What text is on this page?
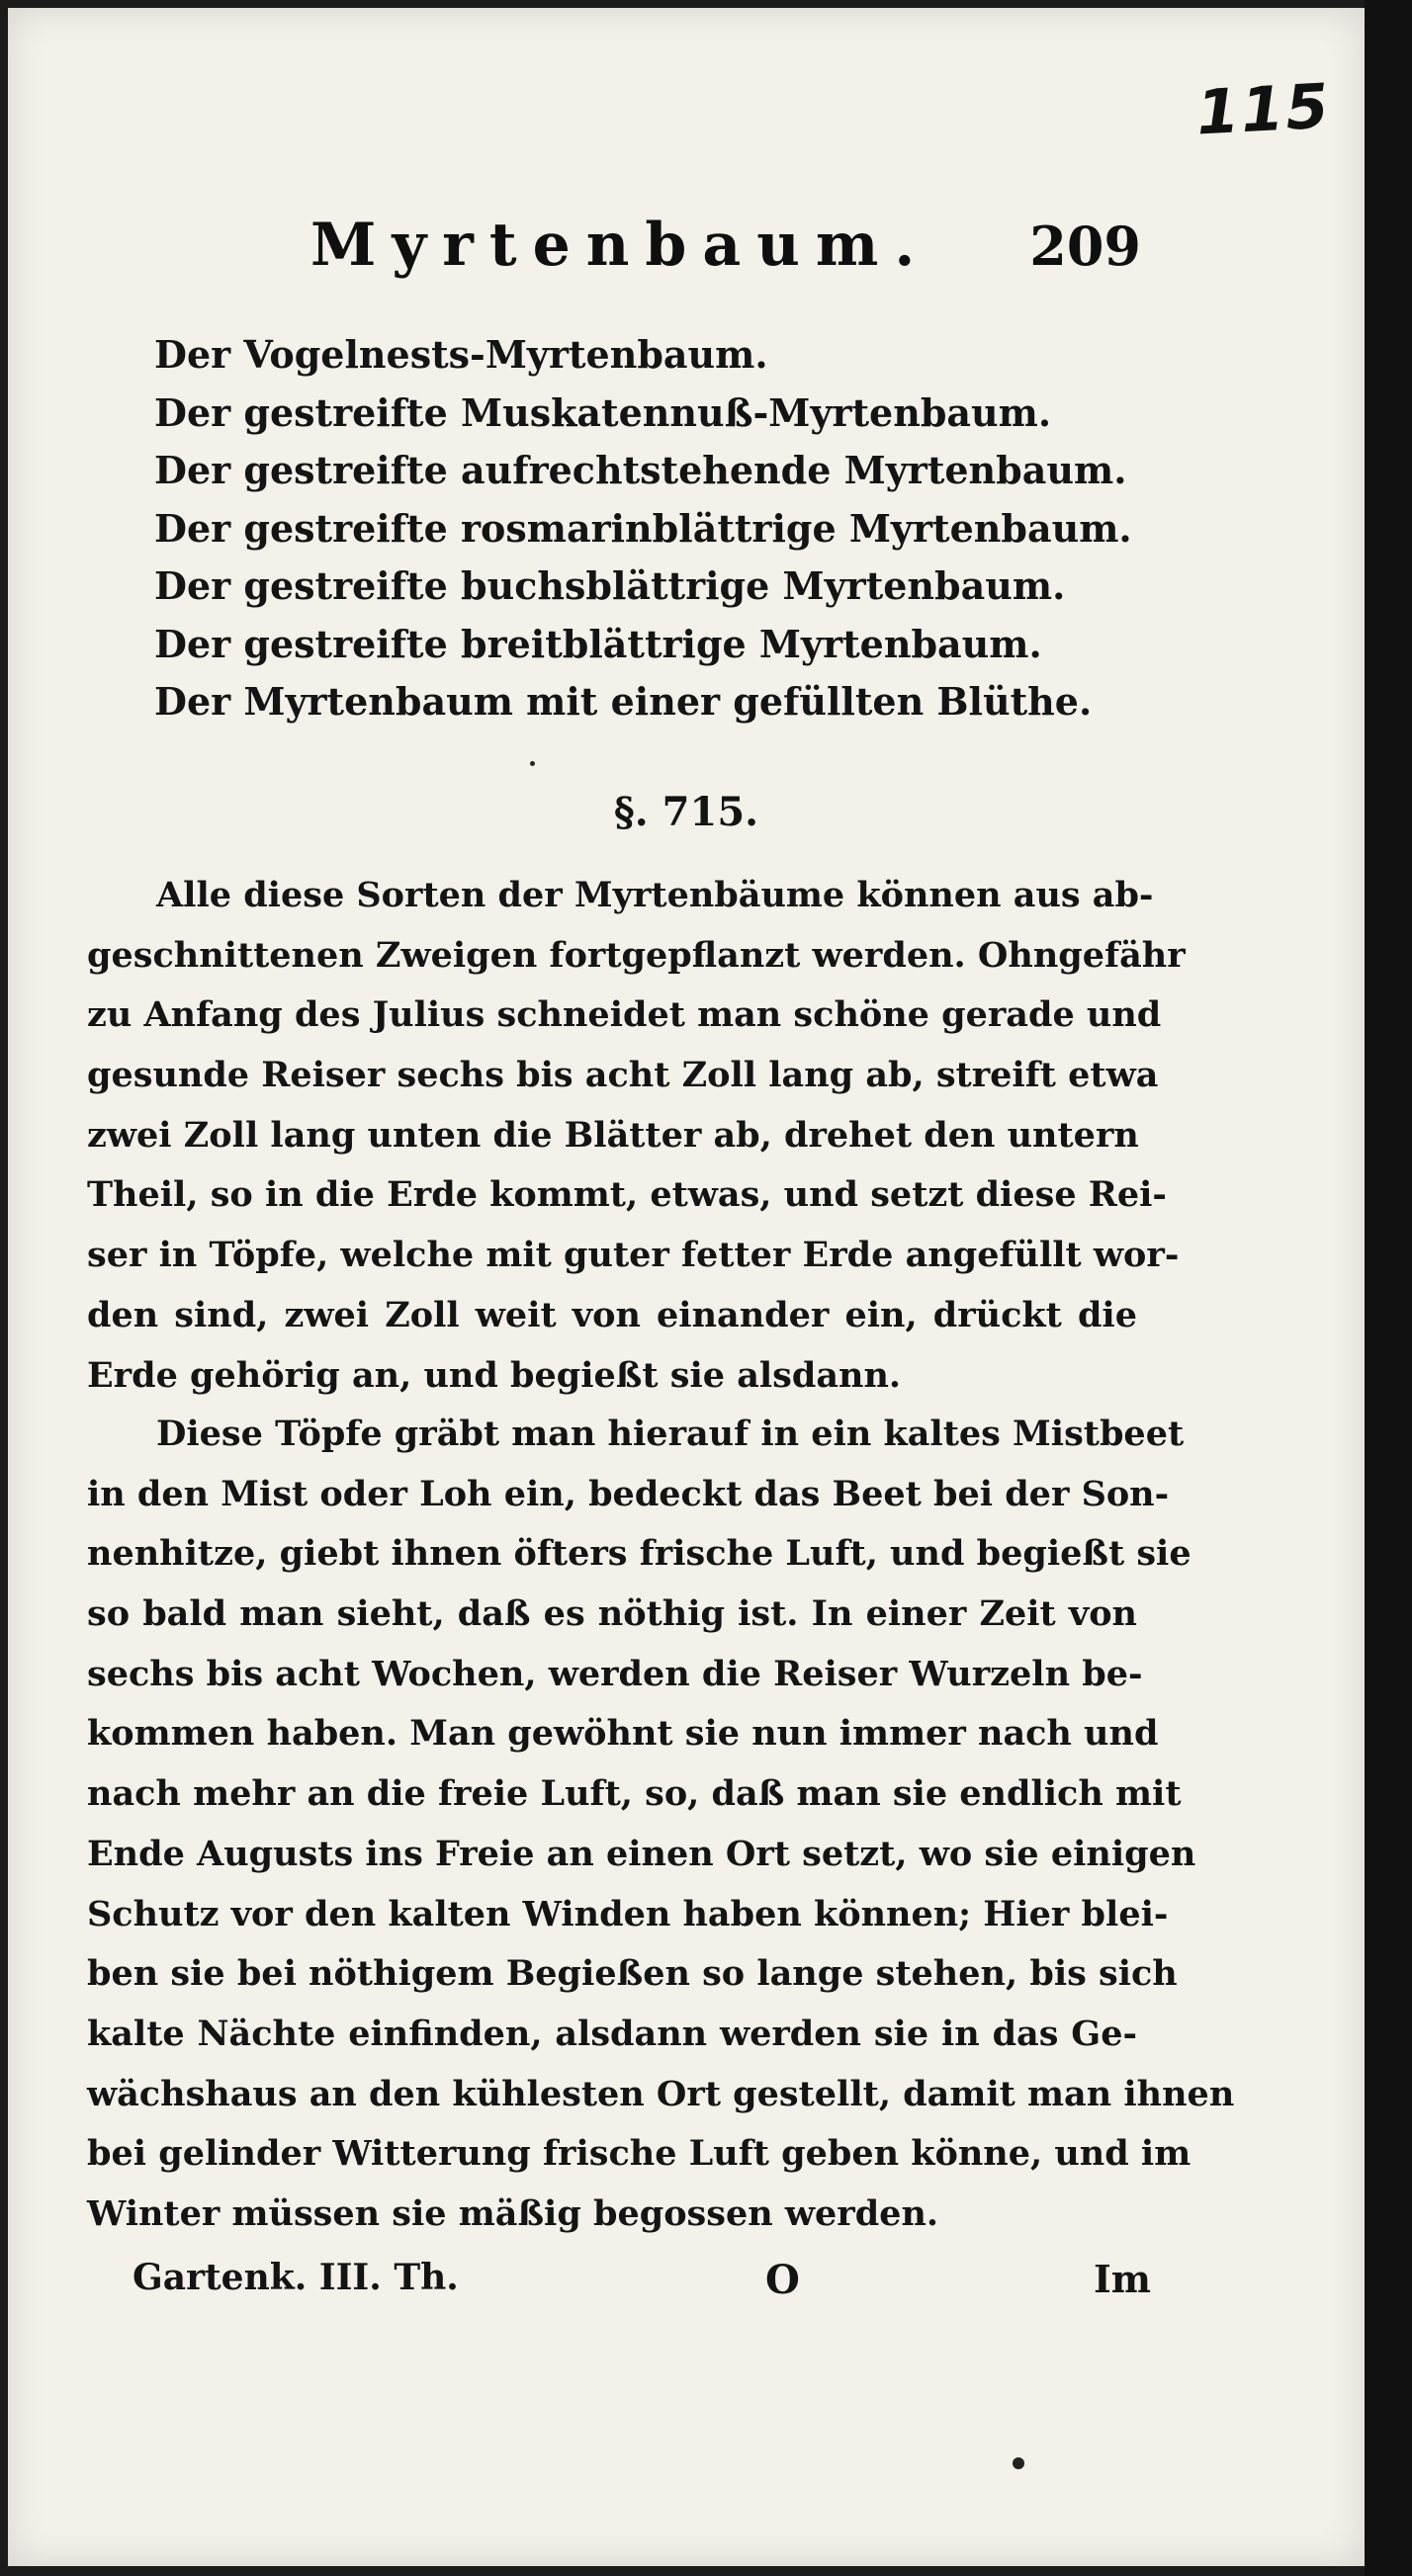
115
Myrtenbaum. 209
Der Vogelnests-Myrtenbaum.
Der gestreifte Muskatennuß-Myrtenbaum.
Der gestreifte aufrechtstehende Myrtenbaum.
Der gestreifte rosmarinblättrige Myrtenbaum.
Der gestreifte buchsblättrige Myrtenbaum.
Der gestreifte breitblättrige Myrtenbaum.
Der Myrtenbaum mit einer gefüllten Blüthe.
§. 715.

Alle diese Sorten der Myrtenbäume können aus ab-
geschnittenen Zweigen fortgepflanzt werden. Ohngefähr
zu Anfang des Julius schneidet man schöne gerade und
gesunde Reiser sechs bis acht Zoll lang ab, streift etwa
zwei Zoll lang unten die Blätter ab, drehet den untern
Theil, so in die Erde kommt, etwas, und setzt diese Rei-
ser in Töpfe, welche mit guter fetter Erde angefüllt wor-
den sind, zwei Zoll weit von einander ein, drückt die
Erde gehörig an, und begießt sie alsdann.

Diese Töpfe gräbt man hierauf in ein kaltes Mistbeet
in den Mist oder Loh ein, bedeckt das Beet bei der Son-
nenhitze, giebt ihnen öfters frische Luft, und begießt sie
so bald man sieht, daß es nöthig ist. In einer Zeit von
sechs bis acht Wochen, werden die Reiser Wurzeln be-
kommen haben. Man gewöhnt sie nun immer nach und
nach mehr an die freie Luft, so, daß man sie endlich mit
Ende Augusts ins Freie an einen Ort setzt, wo sie einigen
Schutz vor den kalten Winden haben können; Hier blei-
ben sie bei nöthigem Begießen so lange stehen, bis sich
kalte Nächte einfinden, alsdann werden sie in das Ge-
wächshaus an den kühlesten Ort gestellt, damit man ihnen
bei gelinder Witterung frische Luft geben könne, und im
Winter müssen sie mäßig begossen werden.

Gartenk. III. Th.	O	Im
